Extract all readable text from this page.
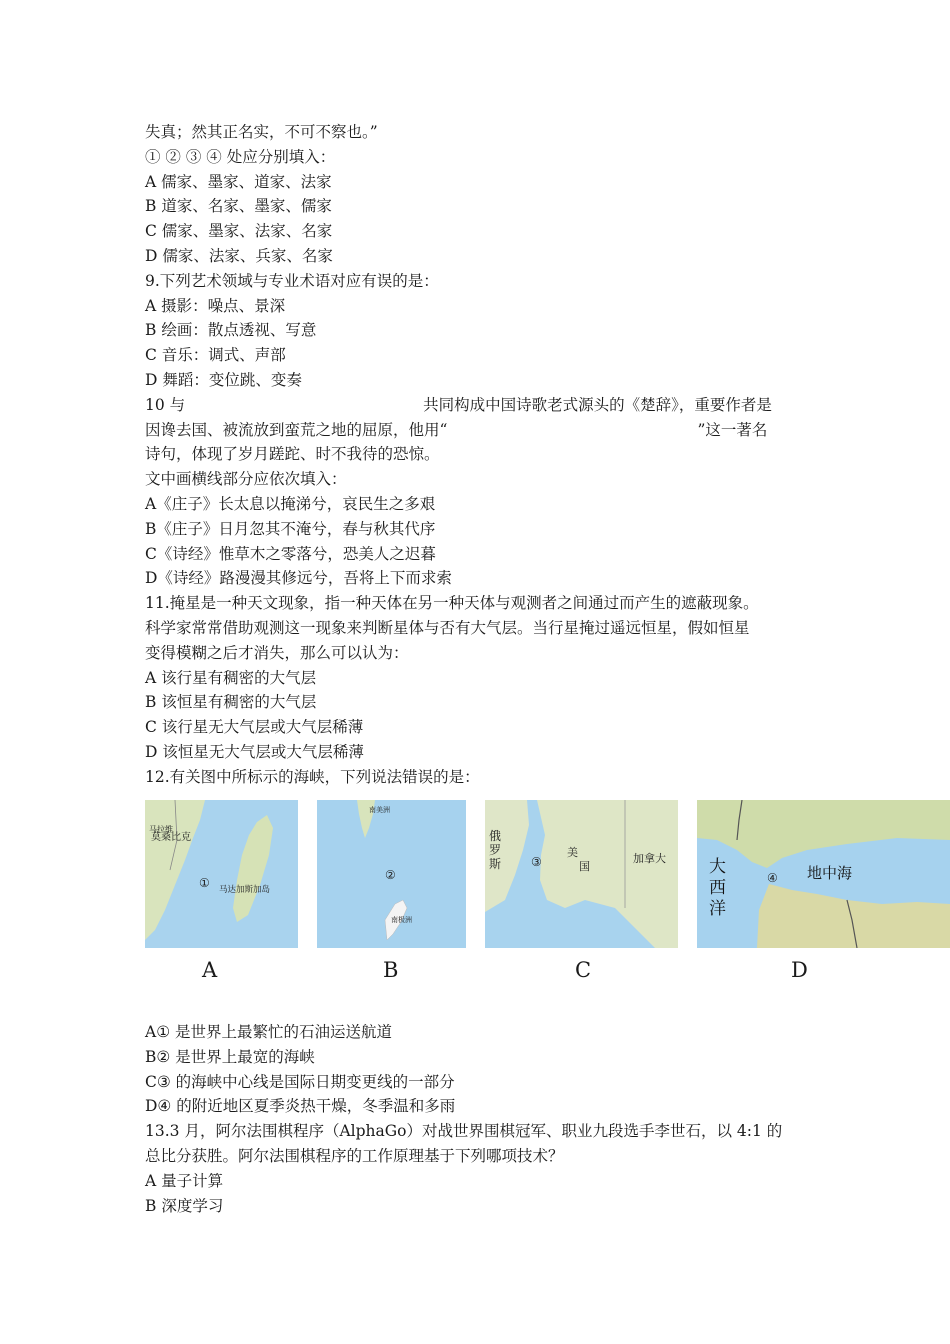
失真；然其正名实，不可不察也。”
① ② ③ ④ 处应分别填入：
A 儒家、墨家、道家、法家
B 道家、名家、墨家、儒家
C 儒家、墨家、法家、名家
D 儒家、法家、兵家、名家
9.下列艺术领域与专业术语对应有误的是：
A 摄影：噪点、景深
B 绘画：散点透视、写意
C 音乐：调式、声部
D 舞蹈：变位跳、变奏
10 与	共同构成中国诗歌老式源头的《楚辞》，重要作者是
因谗去国、被流放到蛮荒之地的屈原，他用“	”这一著名
诗句，体现了岁月蹉跎、时不我待的恐惊。
文中画横线部分应依次填入：
A《庄子》长太息以掩涕兮，哀民生之多艰
B《庄子》日月忽其不淹兮，春与秋其代序
C《诗经》惟草木之零落兮，恐美人之迟暮
D《诗经》路漫漫其修远兮，吾将上下而求索
11.掩星是一种天文现象，指一种天体在另一种天体与观测者之间通过而产生的遮蔽现象。
科学家常常借助观测这一现象来判断星体与否有大气层。当行星掩过遥远恒星，假如恒星
变得模糊之后才消失，那么可以认为：
A 该行星有稠密的大气层
B 该恒星有稠密的大气层
C 该行星无大气层或大气层稀薄
D 该恒星无大气层或大气层稀薄
12.有关图中所标示的海峡，下列说法错误的是：
莫桑比克
马拉维
① 马达加斯加岛
南美洲
②
南极洲
俄
罗
斯 ③
美
国
加拿大	大
西
洋
④ 地中海
A	B	C	D
A① 是世界上最繁忙的石油运送航道
B② 是世界上最宽的海峡
C③ 的海峡中心线是国际日期变更线的一部分
D④ 的附近地区夏季炎热干燥，冬季温和多雨
13.3 月，阿尔法围棋程序（AlphaGo）对战世界围棋冠军、职业九段选手李世石，以 4:1 的
总比分获胜。阿尔法围棋程序的工作原理基于下列哪项技术？
A 量子计算
B 深度学习
